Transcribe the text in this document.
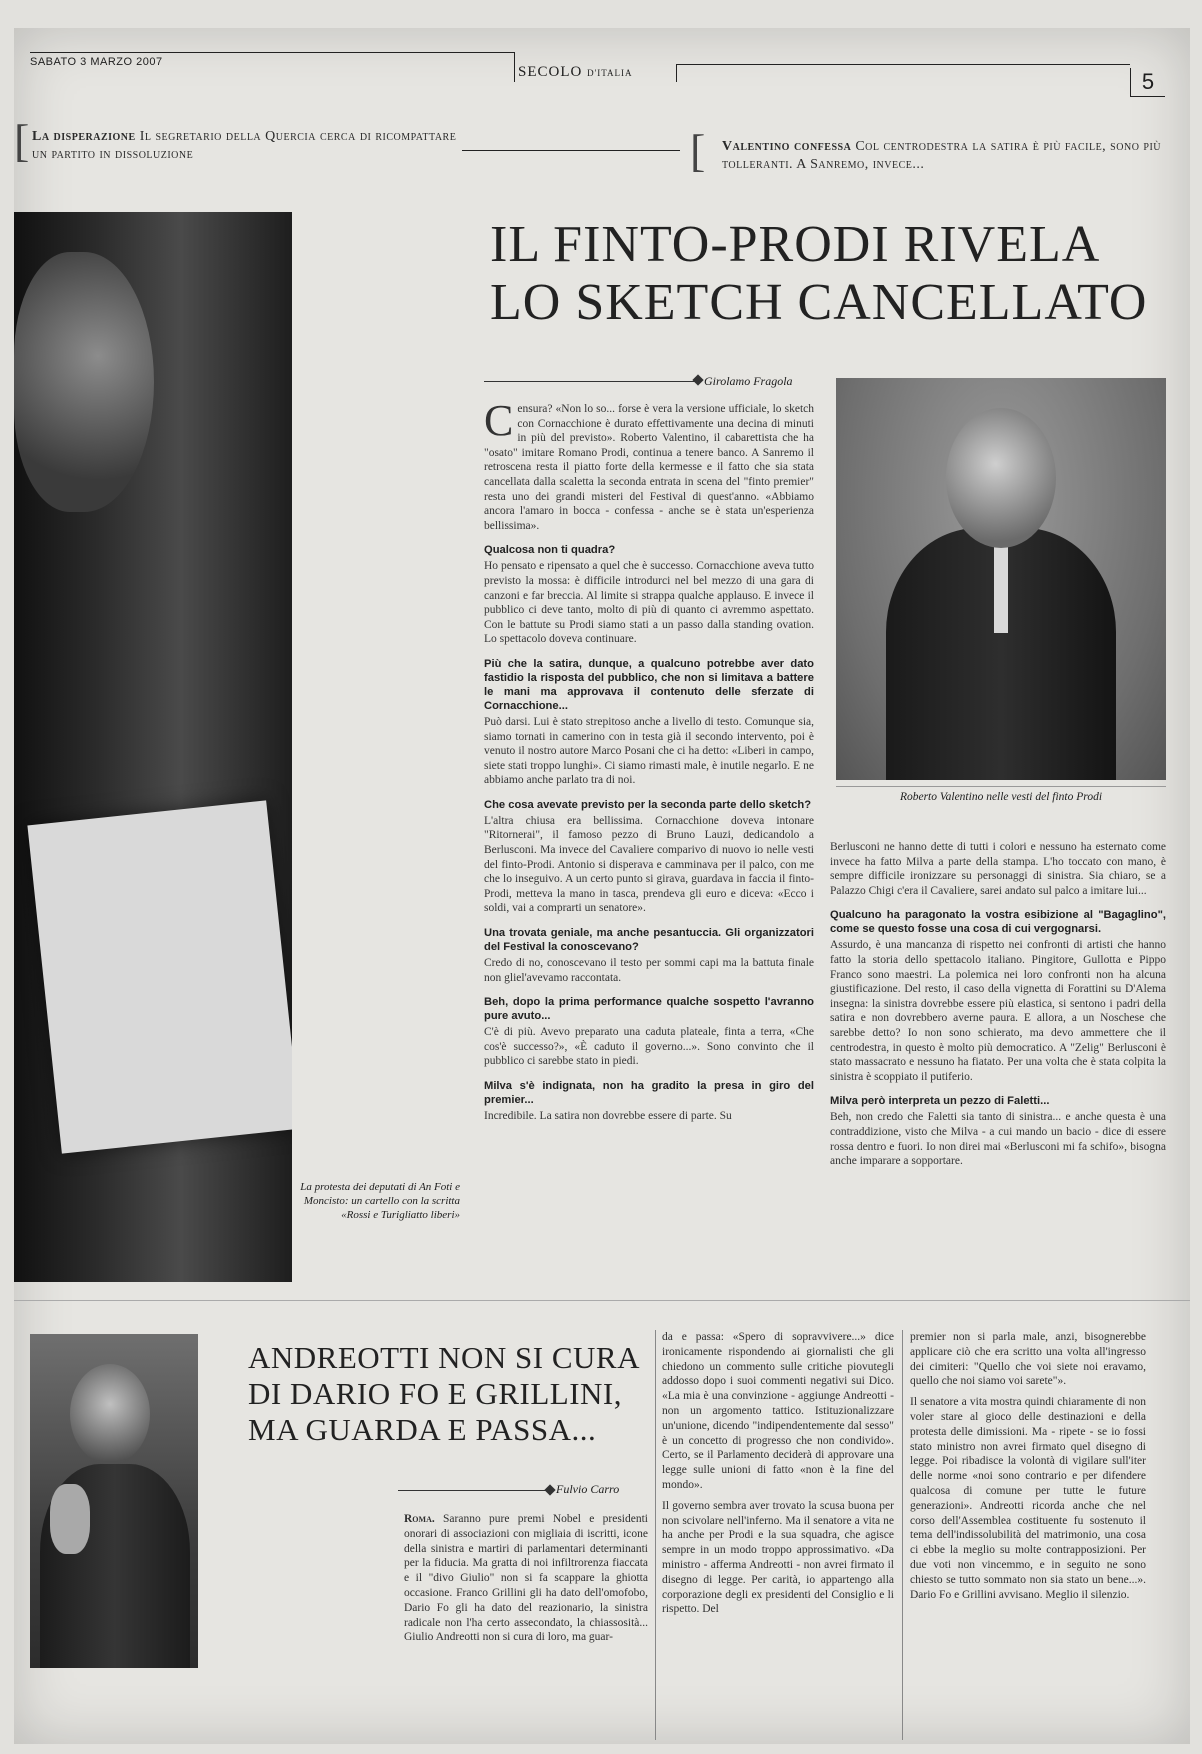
SABATO 3 MARZO 2007
SECOLO D'ITALIA	5
[ La disperazione Il segretario della Quercia cerca di ricompattare un partito in dissoluzione	[ Valentino confessa Col centrodestra la satira è più facile, sono più tolleranti. A Sanremo, invece...
La protesta dei deputati di An Foti e Moncisto: un cartello con la scritta «Rossi e Turigliatto liberi»
IL FINTO-PRODI RIVELA
LO SKETCH CANCELLATO
Girolamo Fragola

Censura? «Non lo so... forse è vera la versione ufficiale, lo sketch con Cornacchione è durato effettivamente una decina di minuti in più del previsto». Roberto Valentino, il cabarettista che ha "osato" imitare Romano Prodi, continua a tenere banco. A Sanremo il retroscena resta il piatto forte della kermesse e il fatto che sia stata cancellata dalla scaletta la seconda entrata in scena del "finto premier" resta uno dei grandi misteri del Festival di quest'anno. «Abbiamo ancora l'amaro in bocca - confessa - anche se è stata un'esperienza bellissima».

Qualcosa non ti quadra?

Ho pensato e ripensato a quel che è successo. Cornacchione aveva tutto previsto la mossa: è difficile introdurci nel bel mezzo di una gara di canzoni e far breccia. Al limite si strappa qualche applauso. E invece il pubblico ci deve tanto, molto di più di quanto ci avremmo aspettato. Con le battute su Prodi siamo stati a un passo dalla standing ovation. Lo spettacolo doveva continuare.

Più che la satira, dunque, a qualcuno potrebbe aver dato fastidio la risposta del pubblico, che non si limitava a battere le mani ma approvava il contenuto delle sferzate di Cornacchione...

Può darsi. Lui è stato strepitoso anche a livello di testo. Comunque sia, siamo tornati in camerino con in testa già il secondo intervento, poi è venuto il nostro autore Marco Posani che ci ha detto: «Liberi in campo, siete stati troppo lunghi». Ci siamo rimasti male, è inutile negarlo. E ne abbiamo anche parlato tra di noi.

Che cosa avevate previsto per la seconda parte dello sketch?

L'altra chiusa era bellissima. Cornacchione doveva intonare "Ritornerai", il famoso pezzo di Bruno Lauzi, dedicandolo a Berlusconi. Ma invece del Cavaliere comparivo di nuovo io nelle vesti del finto-Prodi. Antonio si disperava e camminava per il palco, con me che lo inseguivo. A un certo punto si girava, guardava in faccia il finto-Prodi, metteva la mano in tasca, prendeva gli euro e diceva: «Ecco i soldi, vai a comprarti un senatore».

Una trovata geniale, ma anche pesantuccia. Gli organizzatori del Festival la conoscevano?

Credo di no, conoscevano il testo per sommi capi ma la battuta finale non gliel'avevamo raccontata.

Beh, dopo la prima performance qualche sospetto l'avranno pure avuto...

C'è di più. Avevo preparato una caduta plateale, finta a terra, «Che cos'è successo?», «È caduto il governo...». Sono convinto che il pubblico ci sarebbe stato in piedi.

Milva s'è indignata, non ha gradito la presa in giro del premier...

Incredibile. La satira non dovrebbe essere di parte. Su

Roberto Valentino nelle vesti del finto Prodi

Berlusconi ne hanno dette di tutti i colori e nessuno ha esternato come invece ha fatto Milva a parte della stampa. L'ho toccato con mano, è sempre difficile ironizzare su personaggi di sinistra. Sia chiaro, se a Palazzo Chigi c'era il Cavaliere, sarei andato sul palco a imitare lui...

Qualcuno ha paragonato la vostra esibizione al "Bagaglino", come se questo fosse una cosa di cui vergognarsi.

Assurdo, è una mancanza di rispetto nei confronti di artisti che hanno fatto la storia dello spettacolo italiano. Pingitore, Gullotta e Pippo Franco sono maestri. La polemica nei loro confronti non ha alcuna giustificazione. Del resto, il caso della vignetta di Forattini su D'Alema insegna: la sinistra dovrebbe essere più elastica, si sentono i padri della satira e non dovrebbero averne paura. E allora, a un Noschese che sarebbe detto? Io non sono schierato, ma devo ammettere che il centrodestra, in questo è molto più democratico. A "Zelig" Berlusconi è stato massacrato e nessuno ha fiatato. Per una volta che è stata colpita la sinistra è scoppiato il putiferio.

Milva però interpreta un pezzo di Faletti...

Beh, non credo che Faletti sia tanto di sinistra... e anche questa è una contraddizione, visto che Milva - a cui mando un bacio - dice di essere rossa dentro e fuori. Io non direi mai «Berlusconi mi fa schifo», bisogna anche imparare a sopportare.

ANDREOTTI NON SI CURA DI DARIO FO E GRILLINI, MA GUARDA E PASSA...
Fulvio Carro

Roma. Saranno pure premi Nobel e presidenti onorari di associazioni con migliaia di iscritti, icone della sinistra e martiri di parlamentari determinanti per la fiducia. Ma gratta di noi infiltrorenza fiaccata e il "divo Giulio" non si fa scappare la ghiotta occasione. Franco Grillini gli ha dato dell'omofobo, Dario Fo gli ha dato del reazionario, la sinistra radicale non l'ha certo assecondato, la chiassosità... Giulio Andreotti non si cura di loro, ma guar-

da e passa: «Spero di sopravvivere...» dice ironicamente rispondendo ai giornalisti che gli chiedono un commento sulle critiche piovutegli addosso dopo i suoi commenti negativi sui Dico. «La mia è una convinzione - aggiunge Andreotti - non un argomento tattico. Istituzionalizzare un'unione, dicendo "indipendentemente dal sesso" è un concetto di progresso che non condivido». Certo, se il Parlamento deciderà di approvare una legge sulle unioni di fatto «non è la fine del mondo».

Il governo sembra aver trovato la scusa buona per non scivolare nell'inferno. Ma il senatore a vita ne ha anche per Prodi e la sua squadra, che agisce sempre in un modo troppo approssimativo. «Da ministro - afferma Andreotti - non avrei firmato il disegno di legge. Per carità, io appartengo alla corporazione degli ex presidenti del Consiglio e li rispetto. Del

premier non si parla male, anzi, bisognerebbe applicare ciò che era scritto una volta all'ingresso dei cimiteri: "Quello che voi siete noi eravamo, quello che noi siamo voi sarete"».

Il senatore a vita mostra quindi chiaramente di non voler stare al gioco delle destinazioni e della protesta delle dimissioni. Ma - ripete - se io fossi stato ministro non avrei firmato quel disegno di legge. Poi ribadisce la volontà di vigilare sull'iter delle norme «noi sono contrario e per difendere qualcosa di comune per tutte le future generazioni». Andreotti ricorda anche che nel corso dell'Assemblea costituente fu sostenuto il tema dell'indissolubilità del matrimonio, una cosa ci ebbe la meglio su molte contrapposizioni. Per due voti non vincemmo, e in seguito ne sono chiesto se tutto sommato non sia stato un bene...». Dario Fo e Grillini avvisano. Meglio il silenzio.
